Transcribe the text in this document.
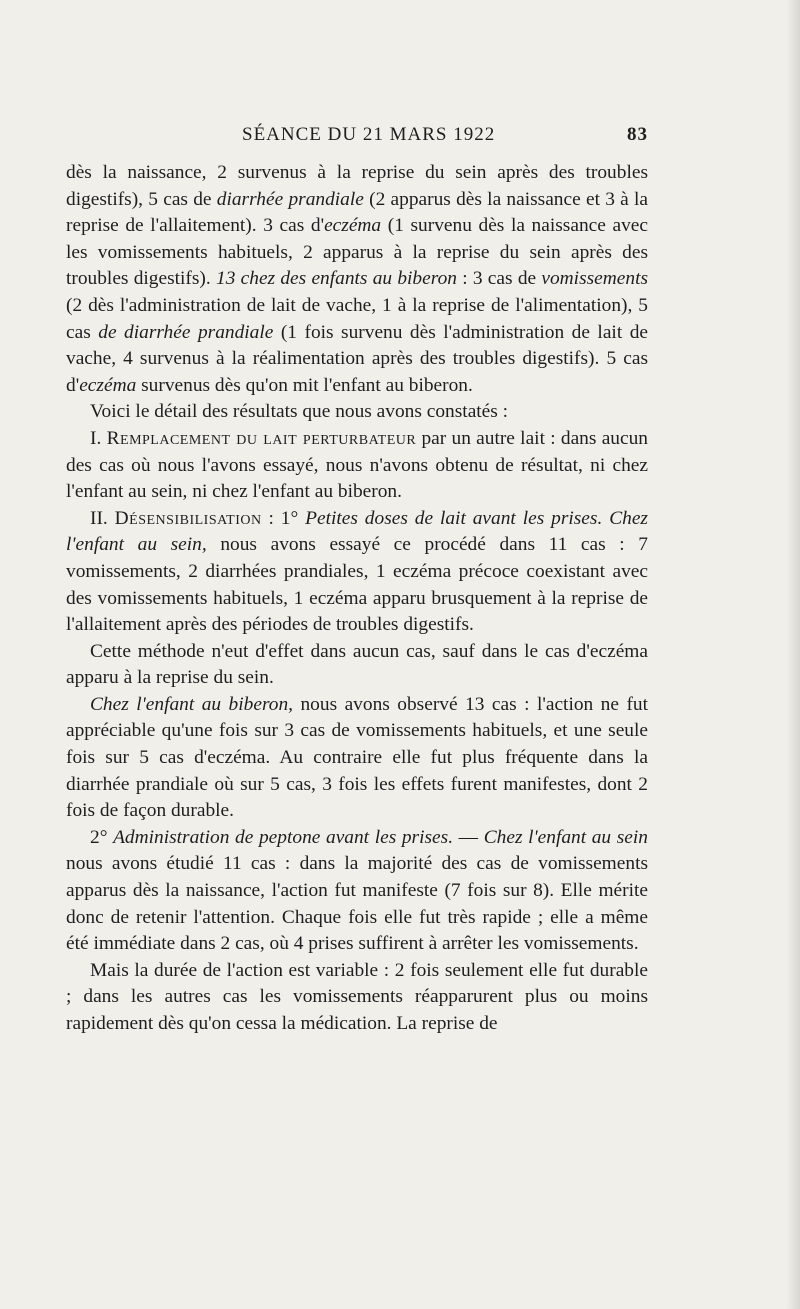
SÉANCE DU 21 MARS 1922	83

dès la naissance, 2 survenus à la reprise du sein après des troubles digestifs), 5 cas de diarrhée prandiale (2 apparus dès la naissance et 3 à la reprise de l'allaitement). 3 cas d'eczéma (1 survenu dès la naissance avec les vomissements habituels, 2 apparus à la reprise du sein après des troubles digestifs). 13 chez des enfants au biberon : 3 cas de vomissements (2 dès l'administration de lait de vache, 1 à la reprise de l'alimentation), 5 cas de diarrhée prandiale (1 fois survenu dès l'administration de lait de vache, 4 survenus à la réalimentation après des troubles digestifs). 5 cas d'eczéma survenus dès qu'on mit l'enfant au biberon.

Voici le détail des résultats que nous avons constatés :

I. Remplacement du lait perturbateur par un autre lait : dans aucun des cas où nous l'avons essayé, nous n'avons obtenu de résultat, ni chez l'enfant au sein, ni chez l'enfant au biberon.

II. Désensibilisation : 1° Petites doses de lait avant les prises. Chez l'enfant au sein, nous avons essayé ce procédé dans 11 cas : 7 vomissements, 2 diarrhées prandiales, 1 eczéma précoce coexistant avec des vomissements habituels, 1 eczéma apparu brusquement à la reprise de l'allaitement après des périodes de troubles digestifs.

Cette méthode n'eut d'effet dans aucun cas, sauf dans le cas d'eczéma apparu à la reprise du sein.

Chez l'enfant au biberon, nous avons observé 13 cas : l'action ne fut appréciable qu'une fois sur 3 cas de vomissements habituels, et une seule fois sur 5 cas d'eczéma. Au contraire elle fut plus fréquente dans la diarrhée prandiale où sur 5 cas, 3 fois les effets furent manifestes, dont 2 fois de façon durable.

2° Administration de peptone avant les prises. — Chez l'enfant au sein nous avons étudié 11 cas : dans la majorité des cas de vomissements apparus dès la naissance, l'action fut manifeste (7 fois sur 8). Elle mérite donc de retenir l'attention. Chaque fois elle fut très rapide ; elle a même été immédiate dans 2 cas, où 4 prises suffirent à arrêter les vomissements.

Mais la durée de l'action est variable : 2 fois seulement elle fut durable ; dans les autres cas les vomissements réapparurent plus ou moins rapidement dès qu'on cessa la médication. La reprise de
